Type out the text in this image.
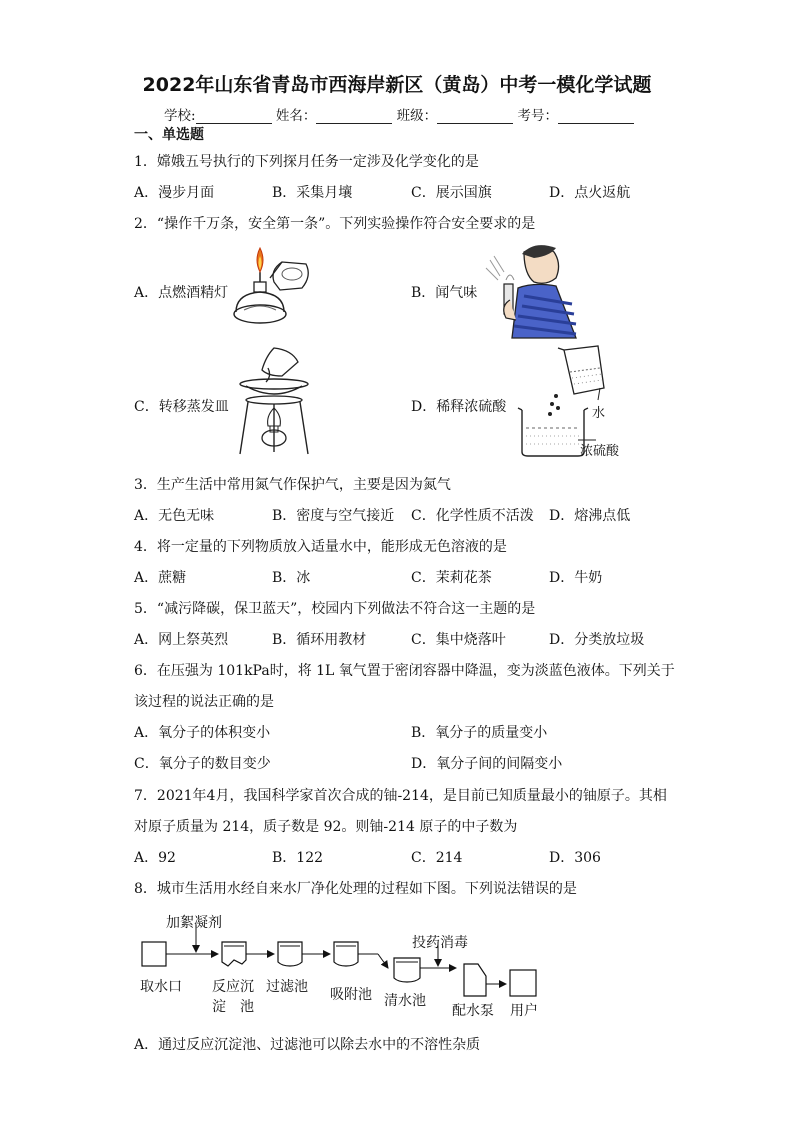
2022年山东省青岛市西海岸新区（黄岛）中考一模化学试题
学校:	姓名：	班级：	考号：
一、单选题
1．嫦娥五号执行的下列探月任务一定涉及化学变化的是
A．漫步月面	B．采集月壤	C．展示国旗	D．点火返航
2．“操作千万条，安全第一条”。下列实验操作符合安全要求的是
A．点燃酒精灯	B．闻气味
C．转移蒸发皿	D．稀释浓硫酸	水
浓硫酸
3．生产生活中常用氮气作保护气，主要是因为氮气
A．无色无味	B．密度与空气接近 C．化学性质不活泼 D．熔沸点低
4．将一定量的下列物质放入适量水中，能形成无色溶液的是
A．蔗糖	B．冰	C．茉莉花茶	D．牛奶
5．“减污降碳，保卫蓝天”，校园内下列做法不符合这一主题的是
A．网上祭英烈	B．循环用教材	C．集中烧落叶	D．分类放垃圾
6．在压强为 101kPa时，将 1L 氧气置于密闭容器中降温，变为淡蓝色液体。下列关于
该过程的说法正确的是
A．氧分子的体积变小	B．氧分子的质量变小
C．氧分子的数目变少	D．氧分子间的间隔变小
7．2021年4月，我国科学家首次合成的铀-214，是目前已知质量最小的铀原子。其相
对原子质量为 214，质子数是 92。则铀-214 原子的中子数为
A．92	B．122	C．214	D．306
8．城市生活用水经自来水厂净化处理的过程如下图。下列说法错误的是
加絮凝剂
投药消毒
取水口 反应沉
淀　池
过滤池 吸附池 清水池
配水泵 用户
A．通过反应沉淀池、过滤池可以除去水中的不溶性杂质
